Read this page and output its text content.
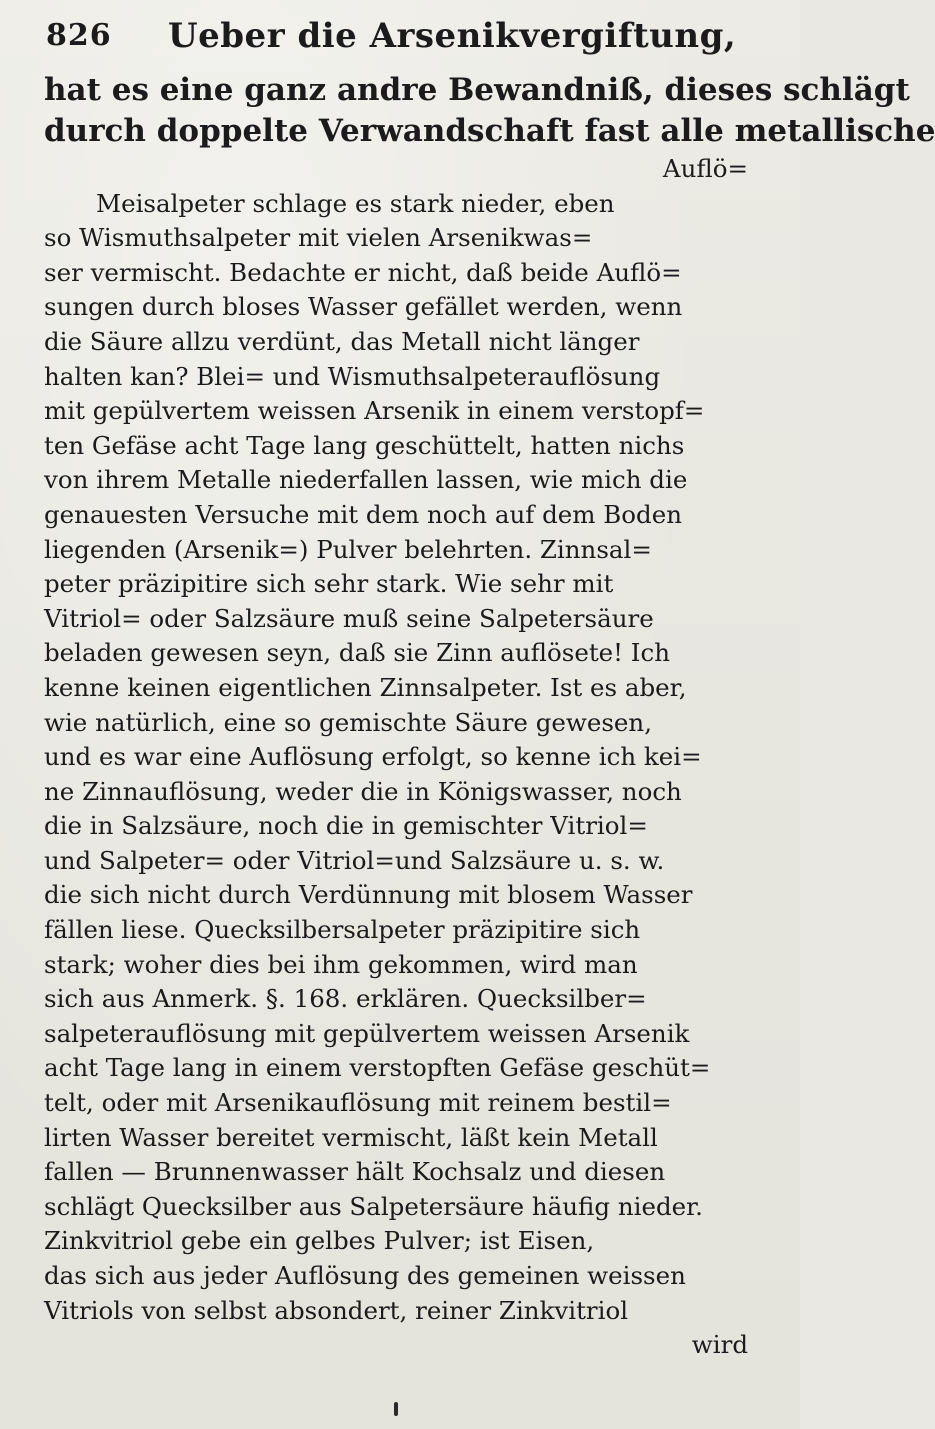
826 Ueber die Arsenikvergiftung,
hat es eine ganz andre Bewandniß, dieses schlägt
durch doppelte Verwandschaft fast alle metallische
Auflö=
Meisalpeter schlage es stark nieder, eben
so Wismuthsalpeter mit vielen Arsenikwas=
ser vermischt. Bedachte er nicht, daß beide Auflö=
sungen durch bloses Wasser gefället werden, wenn
die Säure allzu verdünt, das Metall nicht länger
halten kan? Blei= und Wismuthsalpeterauflösung
mit gepülvertem weissen Arsenik in einem verstopf=
ten Gefäse acht Tage lang geschüttelt, hatten nichs
von ihrem Metalle niederfallen lassen, wie mich die
genauesten Versuche mit dem noch auf dem Boden
liegenden (Arsenik=) Pulver belehrten. Zinnsal=
peter präzipitire sich sehr stark. Wie sehr mit
Vitriol= oder Salzsäure muß seine Salpetersäure
beladen gewesen seyn, daß sie Zinn auflösete! Ich
kenne keinen eigentlichen Zinnsalpeter. Ist es aber,
wie natürlich, eine so gemischte Säure gewesen,
und es war eine Auflösung erfolgt, so kenne ich kei=
ne Zinnauflösung, weder die in Königswasser, noch
die in Salzsäure, noch die in gemischter Vitriol=
und Salpeter= oder Vitriol=und Salzsäure u. s. w.
die sich nicht durch Verdünnung mit blosem Wasser
fällen liese. Quecksilbersalpeter präzipitire sich
stark; woher dies bei ihm gekommen, wird man
sich aus Anmerk. §. 168. erklären. Quecksilber=
salpeterauflösung mit gepülvertem weissen Arsenik
acht Tage lang in einem verstopften Gefäse geschüt=
telt, oder mit Arsenikauflösung mit reinem bestil=
lirten Wasser bereitet vermischt, läßt kein Metall
fallen — Brunnenwasser hält Kochsalz und diesen
schlägt Quecksilber aus Salpetersäure häufig nieder.
Zinkvitriol gebe ein gelbes Pulver; ist Eisen,
das sich aus jeder Auflösung des gemeinen weissen
Vitriols von selbst absondert, reiner Zinkvitriol
wird
